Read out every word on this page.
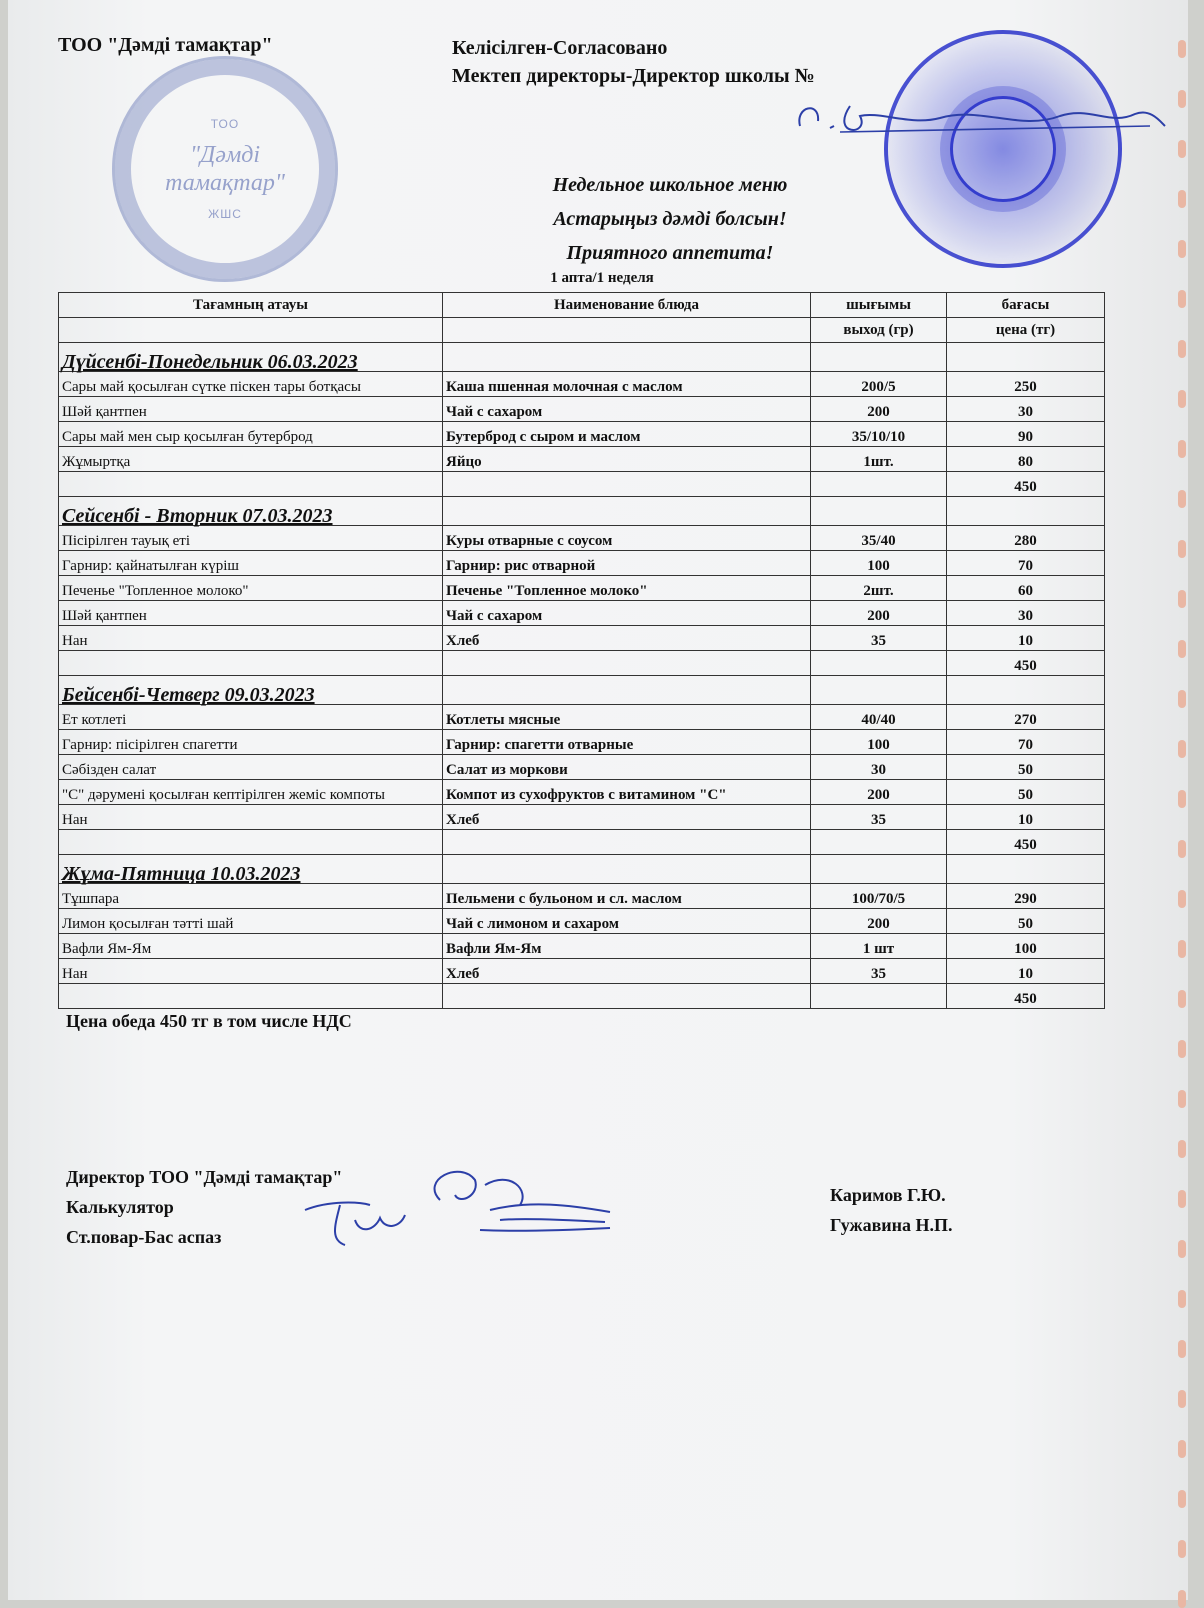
ТОО "Дәмді тамақтар"	Келісілген-Согласовано
Мектеп директоры-Директор школы №
ТОО
"Дәмді
тамақтар"
ЖШС
Недельное школьное меню
Астарыңыз дәмді болсын!
Приятного аппетита!
1 апта/1 неделя
Тағамның атауы	Наименование блюда	шығымы	бағасы
		выход (гр)	цена (тг)
Дүйсенбі-Понедельник 06.03.2023			
Сары май қосылған сүтке піскен тары ботқасы	Каша пшенная молочная с маслом	200/5	250
Шәй қантпен	Чай с сахаром	200	30
Сары май мен сыр қосылған бутерброд	Бутерброд с сыром и маслом	35/10/10	90
Жұмыртқа	Яйцо	1шт.	80
			450
Сейсенбі - Вторник 07.03.2023			
Пісірілген тауық еті	Куры отварные с соусом	35/40	280
Гарнир: қайнатылған күріш	Гарнир: рис отварной	100	70
Печенье "Топленное молоко"	Печенье "Топленное молоко"	2шт.	60
Шәй қантпен	Чай с сахаром	200	30
Нан	Хлеб	35	10
			450
Бейсенбі-Четверг 09.03.2023			
Ет котлеті	Котлеты мясные	40/40	270
Гарнир: пісірілген спагетти	Гарнир: спагетти отварные	100	70
Сәбізден салат	Салат из моркови	30	50
"С" дәрумені қосылған кептірілген жеміс компоты	Компот из сухофруктов с витамином "С"	200	50
Нан	Хлеб	35	10
			450
Жұма-Пятница 10.03.2023			
Тұшпара	Пельмени с бульоном и сл. маслом	100/70/5	290
Лимон қосылған тәтті шай	Чай с лимоном и сахаром	200	50
Вафли Ям-Ям	Вафли Ям-Ям	1 шт	100
Нан	Хлеб	35	10
			450
Цена обеда 450 тг в том числе НДС
Директор ТОО "Дәмді тамақтар"
Калькулятор
Ст.повар-Бас аспаз
Каримов Г.Ю.
Гужавина Н.П.
